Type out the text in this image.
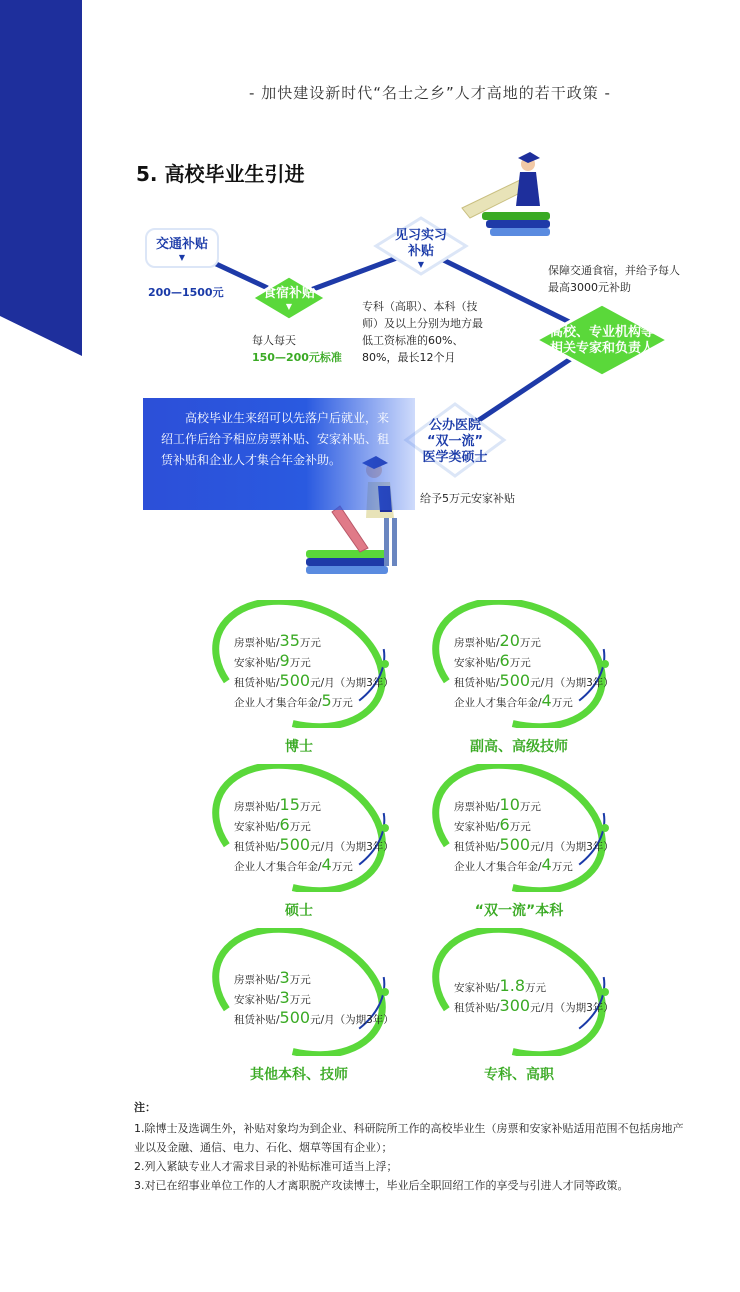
- 加快建设新时代“名士之乡”人才高地的若干政策 -
5. 高校毕业生引进
交通补贴
▼
食宿补贴
▼
见习实习
补贴
▼
高校、专业机构等
相关专家和负责人
公办医院
“双一流”
医学类硕士
200—1500元
每人每天
150—200元标准
专科（高职）、本科（技师）及以上分别为地方最低工资标准的60%、80%，最长12个月
保障交通食宿，并给予每人
最高3000元补助
给予5万元安家补贴
高校毕业生来绍可以先落户后就业，来绍工作后给予相应房票补贴、安家补贴、租赁补贴和企业人才集合年金补助。
房票补贴/35万元
安家补贴/9万元
租赁补贴/500元/月（为期3年）
企业人才集合年金/5万元
博士
房票补贴/20万元
安家补贴/6万元
租赁补贴/500元/月（为期3年）
企业人才集合年金/4万元
副高、高级技师
房票补贴/15万元
安家补贴/6万元
租赁补贴/500元/月（为期3年）
企业人才集合年金/4万元
硕士
房票补贴/10万元
安家补贴/6万元
租赁补贴/500元/月（为期3年）
企业人才集合年金/4万元
“双一流”本科
房票补贴/3万元
安家补贴/3万元
租赁补贴/500元/月（为期3年）
其他本科、技师
安家补贴/1.8万元
租赁补贴/300元/月（为期3年）
专科、高职
注：
1.除博士及选调生外，补贴对象均为到企业、科研院所工作的高校毕业生（房票和安家补贴适用范围不包括房地产业以及金融、通信、电力、石化、烟草等国有企业）；
2.列入紧缺专业人才需求目录的补贴标准可适当上浮；
3.对已在绍事业单位工作的人才离职脱产攻读博士，毕业后全职回绍工作的享受与引进人才同等政策。
